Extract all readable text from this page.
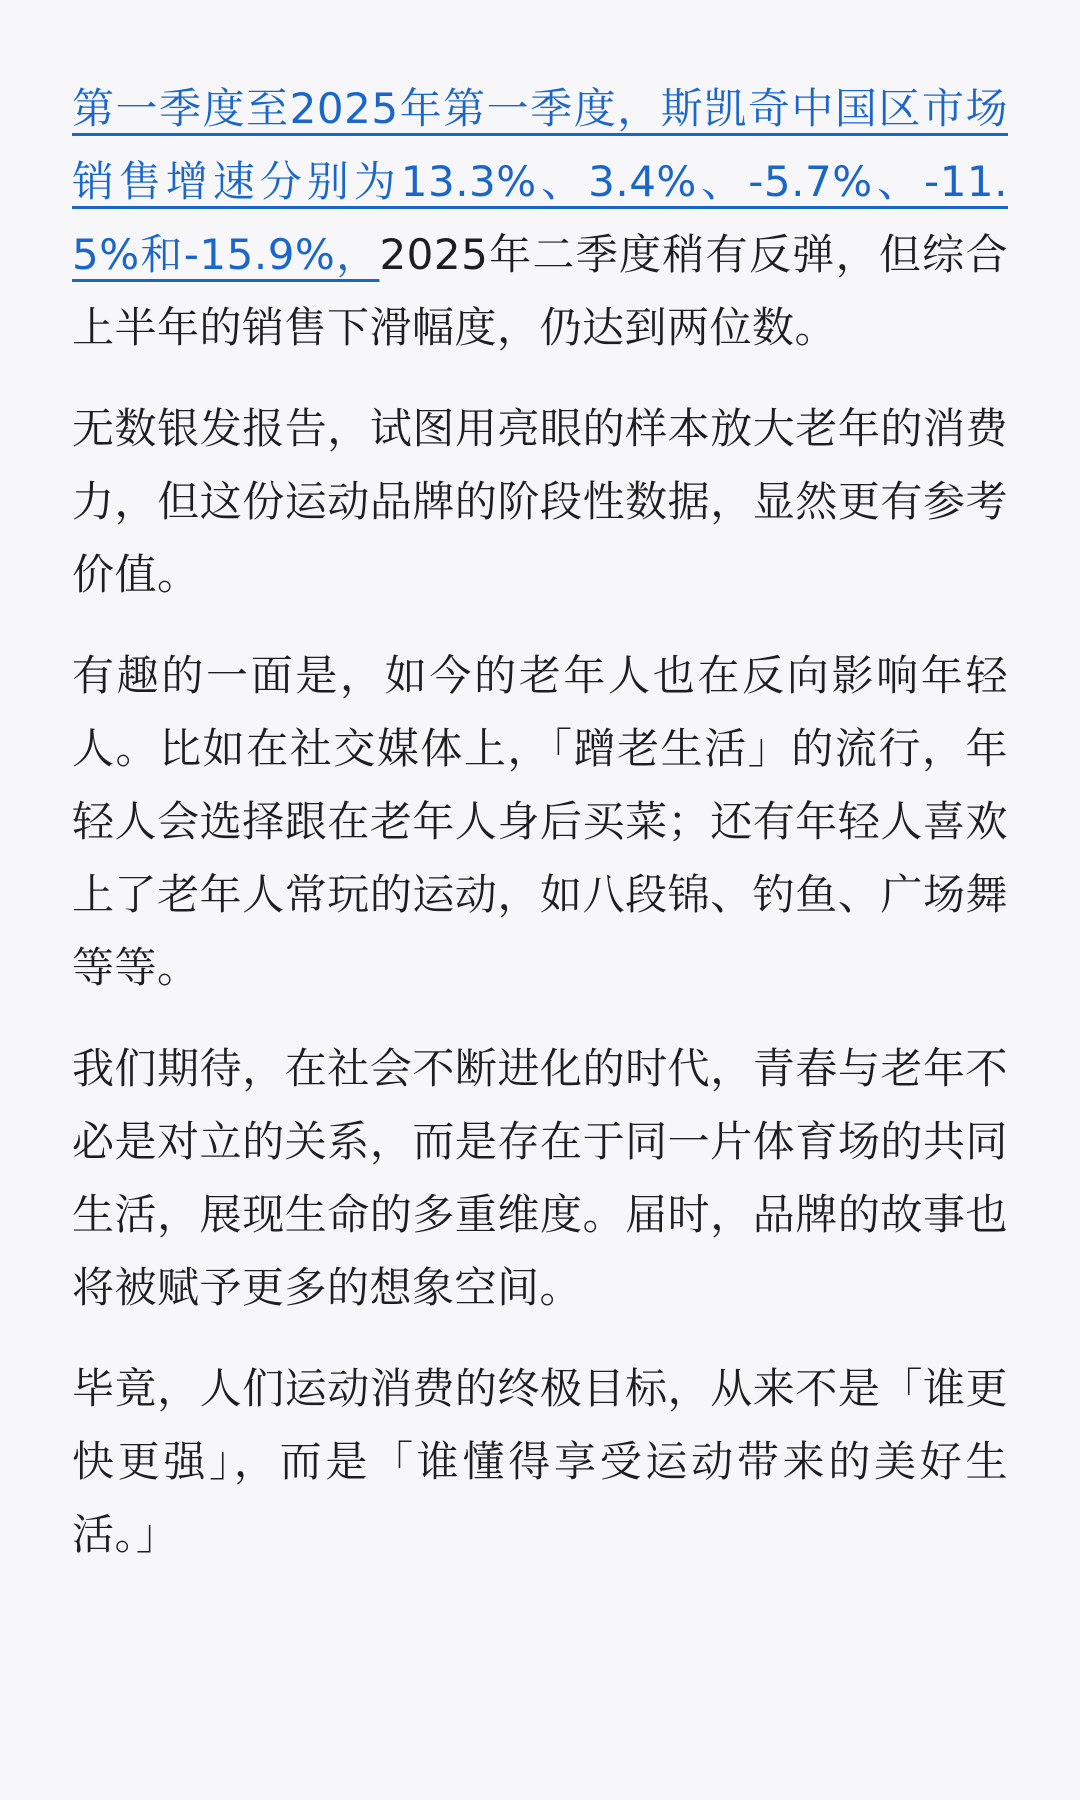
第一季度至2025年第一季度，斯凯奇中国区市场销售增速分别为13.3%、3.4%、-5.7%、-11.5%和-15.9%，2025年二季度稍有反弹，但综合上半年的销售下滑幅度，仍达到两位数。

无数银发报告，试图用亮眼的样本放大老年的消费力，但这份运动品牌的阶段性数据，显然更有参考价值。

有趣的一面是，如今的老年人也在反向影响年轻人。比如在社交媒体上，「蹭老生活」的流行，年轻人会选择跟在老年人身后买菜；还有年轻人喜欢上了老年人常玩的运动，如八段锦、钓鱼、广场舞等等。

我们期待，在社会不断进化的时代，青春与老年不必是对立的关系，而是存在于同一片体育场的共同生活，展现生命的多重维度。届时，品牌的故事也将被赋予更多的想象空间。

毕竟，人们运动消费的终极目标，从来不是「谁更快更强」，而是「谁懂得享受运动带来的美好生活。」
